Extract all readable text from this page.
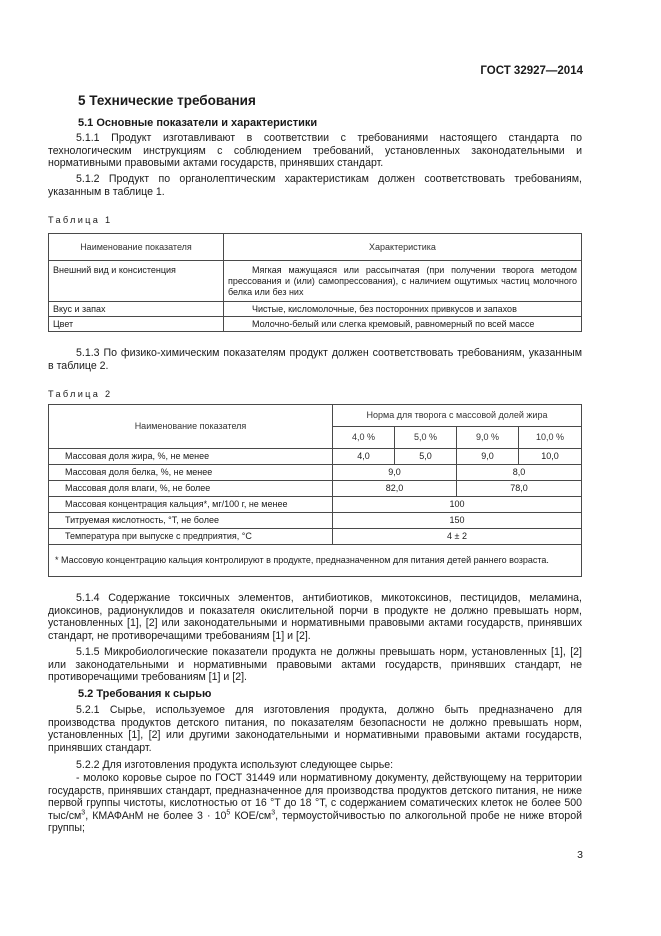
ГОСТ 32927—2014
5 Технические требования
5.1 Основные показатели и характеристики
5.1.1 Продукт изготавливают в соответствии с требованиями настоящего стандарта по технологическим инструкциям с соблюдением требований, установленных законодательными и нормативными правовыми актами государств, принявших стандарт.
5.1.2 Продукт по органолептическим характеристикам должен соответствовать требованиям, указанным в таблице 1.
Таблица 1
Наименование показателя	Характеристика
Внешний вид и консистенция	Мягкая мажущаяся или рассыпчатая (при получении творога методом прессования и (или) самопрессования), с наличием ощутимых частиц молочного белка или без них
Вкус и запах	Чистые, кисломолочные, без посторонних привкусов и запахов
Цвет	Молочно-белый или слегка кремовый, равномерный по всей массе
5.1.3 По физико-химическим показателям продукт должен соответствовать требованиям, указанным в таблице 2.
Таблица 2
Наименование показателя	Норма для творога с массовой долей жира			
	4,0 %	5,0 %	9,0 %	10,0 %
Массовая доля жира, %, не менее	4,0	5,0	9,0	10,0
Массовая доля белка, %, не менее	9,0		8,0	
Массовая доля влаги, %, не более	82,0		78,0	
Массовая концентрация кальция*, мг/100 г, не менее	100			
Титруемая кислотность, °Т, не более	150			
Температура при выпуске с предприятия, °С	4 ± 2			
* Массовую концентрацию кальция контролируют в продукте, предназначенном для питания детей раннего возраста.				
5.1.4 Содержание токсичных элементов, антибиотиков, микотоксинов, пестицидов, меламина, диоксинов, радионуклидов и показателя окислительной порчи в продукте не должно превышать норм, установленных [1], [2] или законодательными и нормативными правовыми актами государств, принявших стандарт, не противоречащими требованиям [1] и [2].
5.1.5 Микробиологические показатели продукта не должны превышать норм, установленных [1], [2] или законодательными и нормативными правовыми актами государств, принявших стандарт, не противоречащими требованиям [1] и [2].
5.2 Требования к сырью
5.2.1 Сырье, используемое для изготовления продукта, должно быть предназначено для производства продуктов детского питания, по показателям безопасности не должно превышать норм, установленных [1], [2] или другими законодательными и нормативными правовыми актами государств, принявших стандарт.
5.2.2 Для изготовления продукта используют следующее сырье:
- молоко коровье сырое по ГОСТ 31449 или нормативному документу, действующему на территории государств, принявших стандарт, предназначенное для производства продуктов детского питания, не ниже первой группы чистоты, кислотностью от 16 °Т до 18 °Т, с содержанием соматических клеток не более 500 тыс/$см^3$, КМАФАнМ не более $3 \cdot 10^5$ КОЕ/$см^3$, термоустойчивостью по алкогольной пробе не ниже второй группы;
3
